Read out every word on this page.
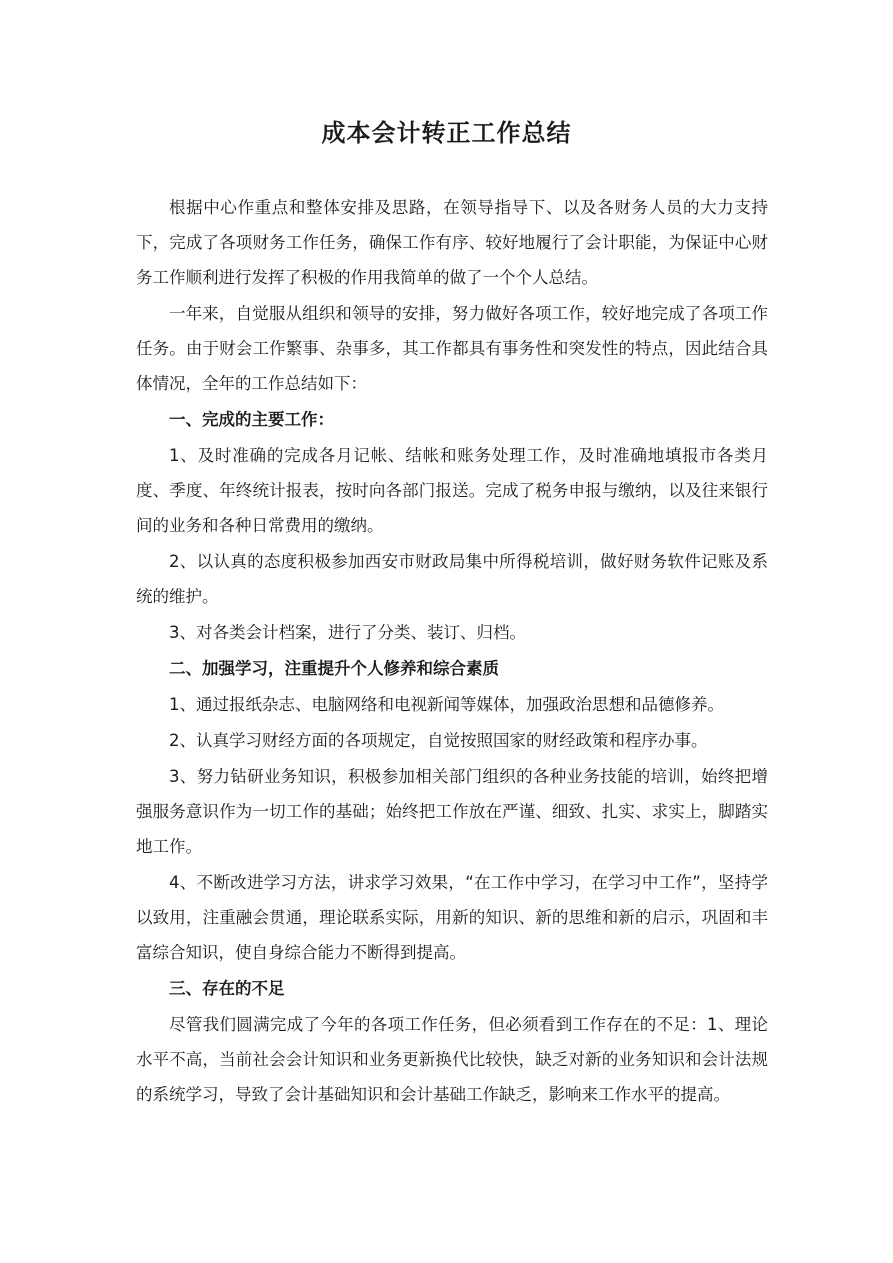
成本会计转正工作总结

根据中心作重点和整体安排及思路，在领导指导下、以及各财务人员的大力支持下，完成了各项财务工作任务，确保工作有序、较好地履行了会计职能，为保证中心财务工作顺利进行发挥了积极的作用我简单的做了一个个人总结。

一年来，自觉服从组织和领导的安排，努力做好各项工作，较好地完成了各项工作任务。由于财会工作繁事、杂事多，其工作都具有事务性和突发性的特点，因此结合具体情况，全年的工作总结如下：

一、完成的主要工作：

1、及时准确的完成各月记帐、结帐和账务处理工作，及时准确地填报市各类月度、季度、年终统计报表，按时向各部门报送。完成了税务申报与缴纳，以及往来银行间的业务和各种日常费用的缴纳。

2、以认真的态度积极参加西安市财政局集中所得税培训，做好财务软件记账及系统的维护。

3、对各类会计档案，进行了分类、装订、归档。

二、加强学习，注重提升个人修养和综合素质

1、通过报纸杂志、电脑网络和电视新闻等媒体，加强政治思想和品德修养。

2、认真学习财经方面的各项规定，自觉按照国家的财经政策和程序办事。

3、努力钻研业务知识，积极参加相关部门组织的各种业务技能的培训，始终把增强服务意识作为一切工作的基础；始终把工作放在严谨、细致、扎实、求实上，脚踏实地工作。

4、不断改进学习方法，讲求学习效果，“在工作中学习，在学习中工作”，坚持学以致用，注重融会贯通，理论联系实际，用新的知识、新的思维和新的启示，巩固和丰富综合知识，使自身综合能力不断得到提高。

三、存在的不足

尽管我们圆满完成了今年的各项工作任务，但必须看到工作存在的不足：1、理论水平不高，当前社会会计知识和业务更新换代比较快，缺乏对新的业务知识和会计法规的系统学习，导致了会计基础知识和会计基础工作缺乏，影响来工作水平的提高。
